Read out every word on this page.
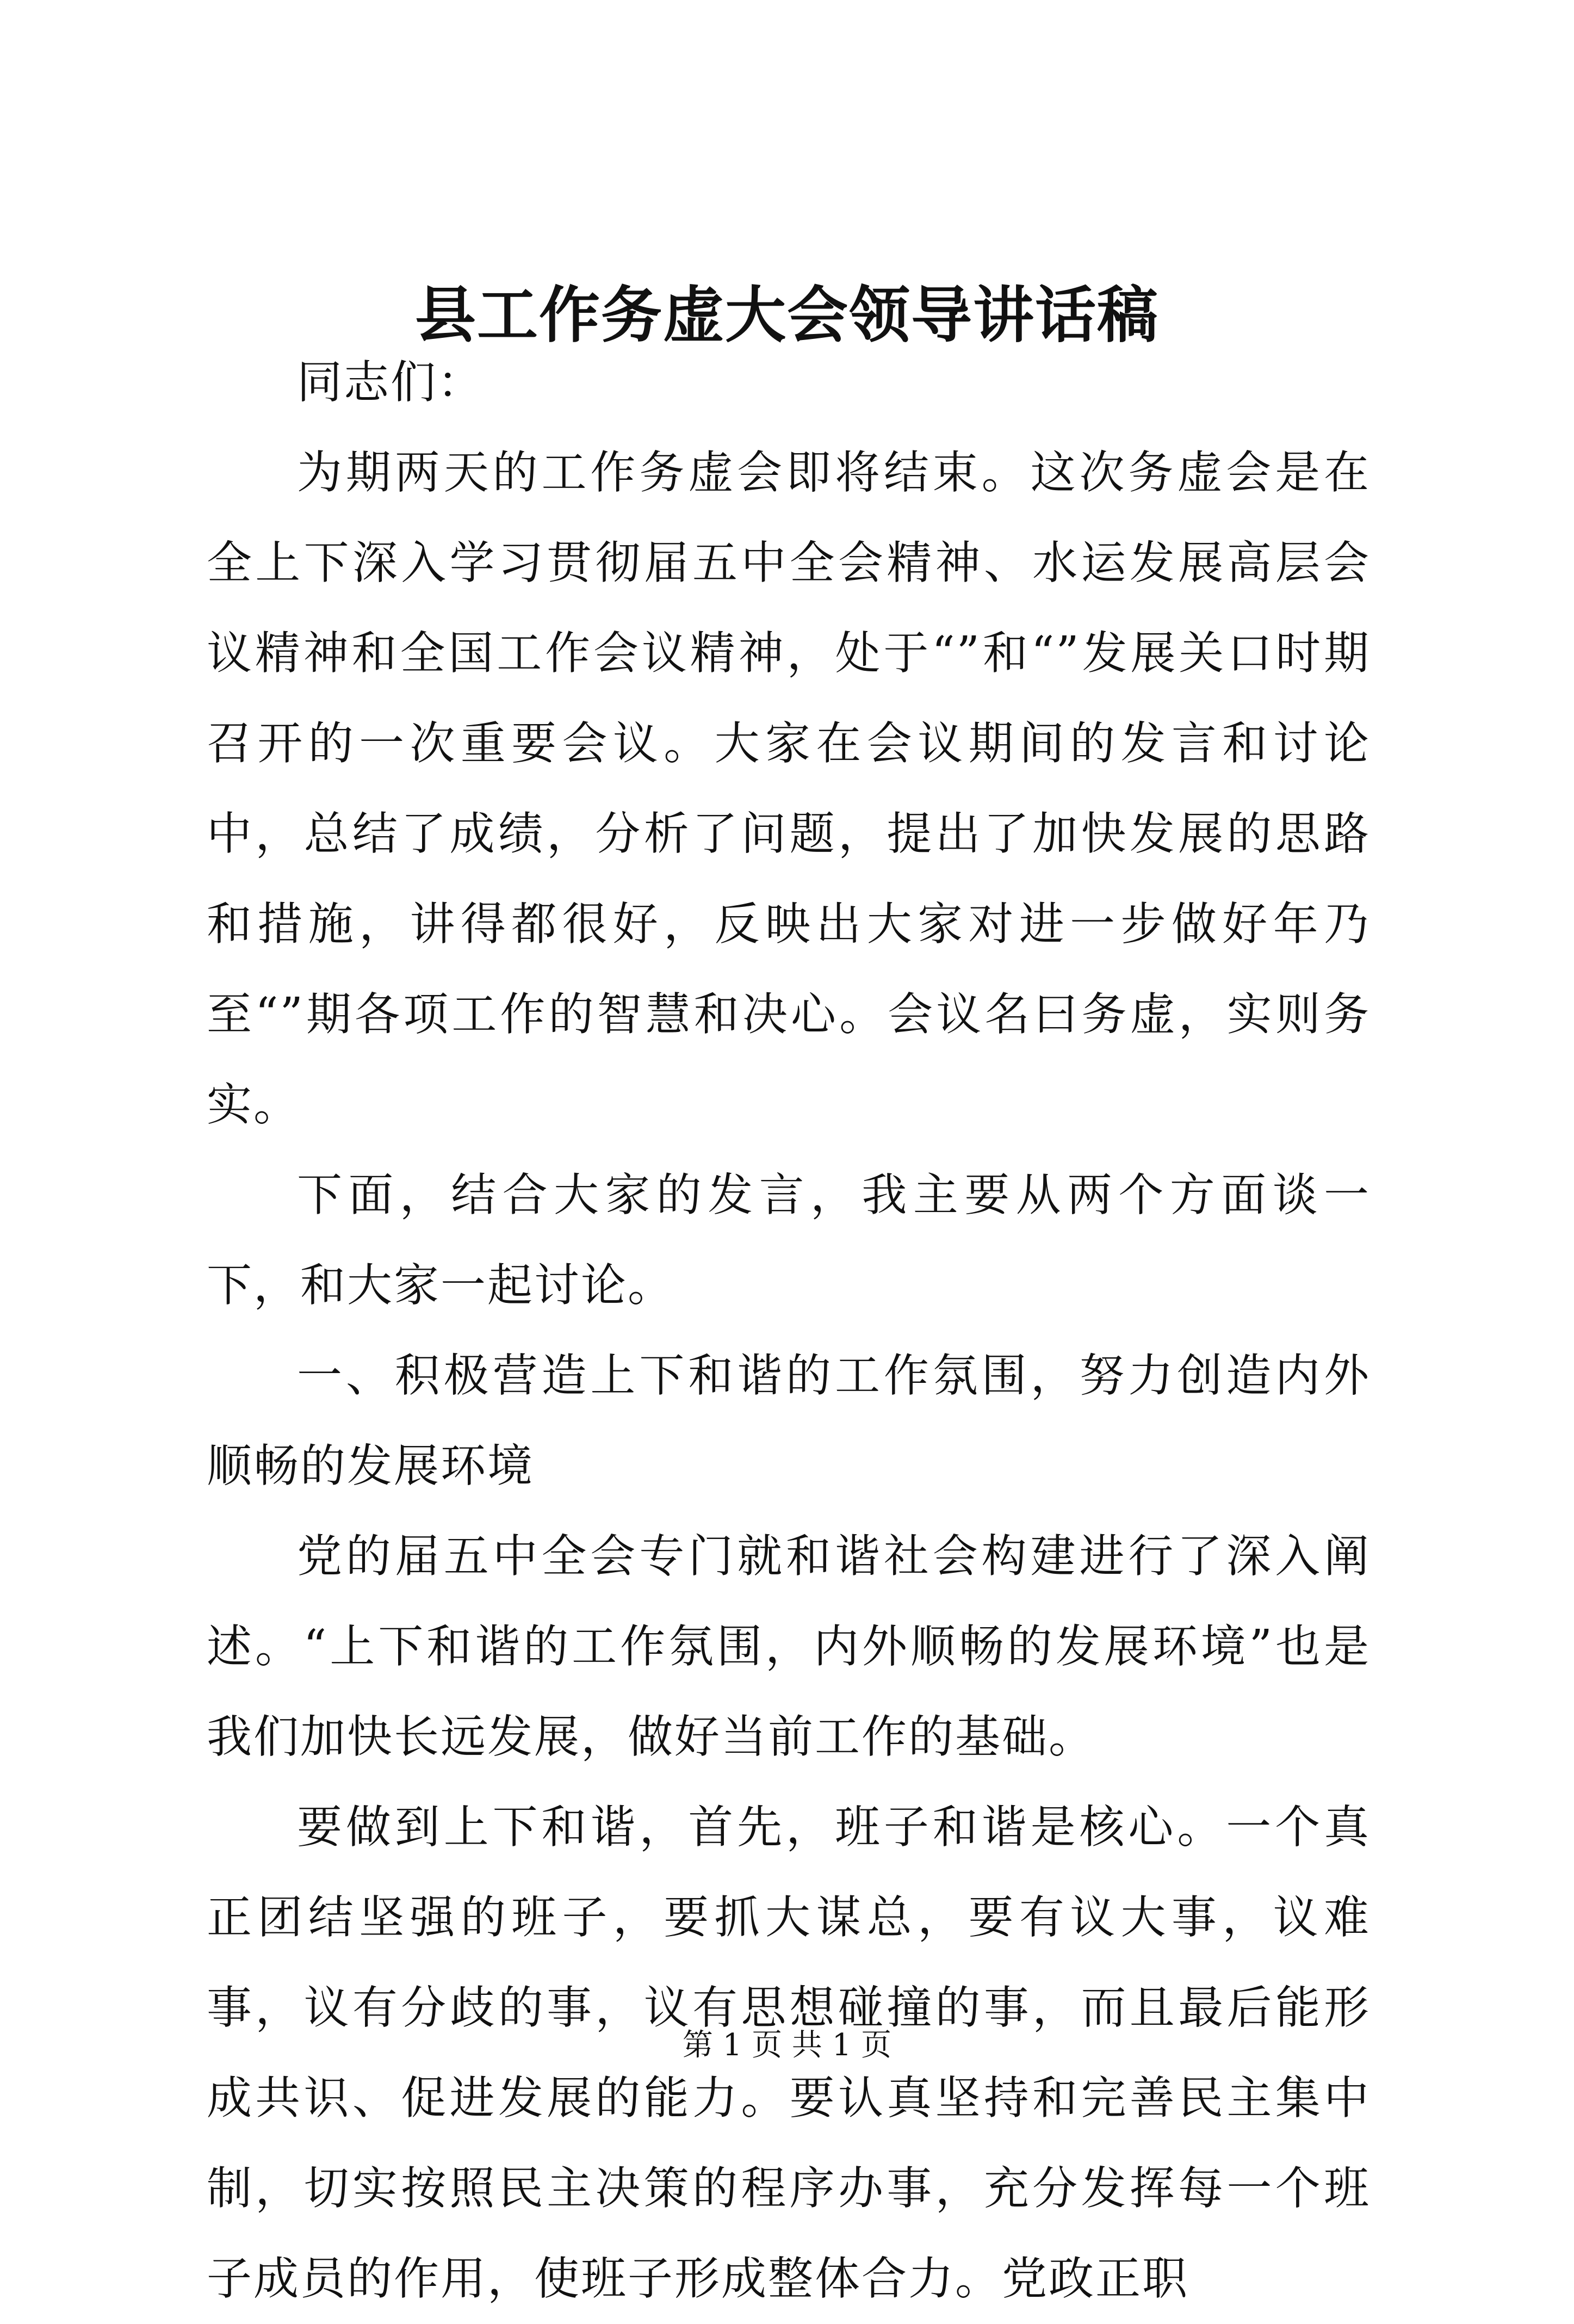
县工作务虚大会领导讲话稿

同志们：

为期两天的工作务虚会即将结束。这次务虚会是在全上下深入学习贯彻届五中全会精神、水运发展高层会议精神和全国工作会议精神，处于“”和“”发展关口时期召开的一次重要会议。大家在会议期间的发言和讨论中，总结了成绩，分析了问题，提出了加快发展的思路和措施，讲得都很好，反映出大家对进一步做好年乃至“”期各项工作的智慧和决心。会议名曰务虚，实则务实。

下面，结合大家的发言，我主要从两个方面谈一下，和大家一起讨论。

一、积极营造上下和谐的工作氛围，努力创造内外顺畅的发展环境

党的届五中全会专门就和谐社会构建进行了深入阐述。“上下和谐的工作氛围，内外顺畅的发展环境”也是我们加快长远发展，做好当前工作的基础。

要做到上下和谐，首先，班子和谐是核心。一个真正团结坚强的班子，要抓大谋总，要有议大事，议难事，议有分歧的事，议有思想碰撞的事，而且最后能形成共识、促进发展的能力。要认真坚持和完善民主集中制，切实按照民主决策的程序办事，充分发挥每一个班子成员的作用，使班子形成整体合力。党政正职

第 1 页 共 1 页
